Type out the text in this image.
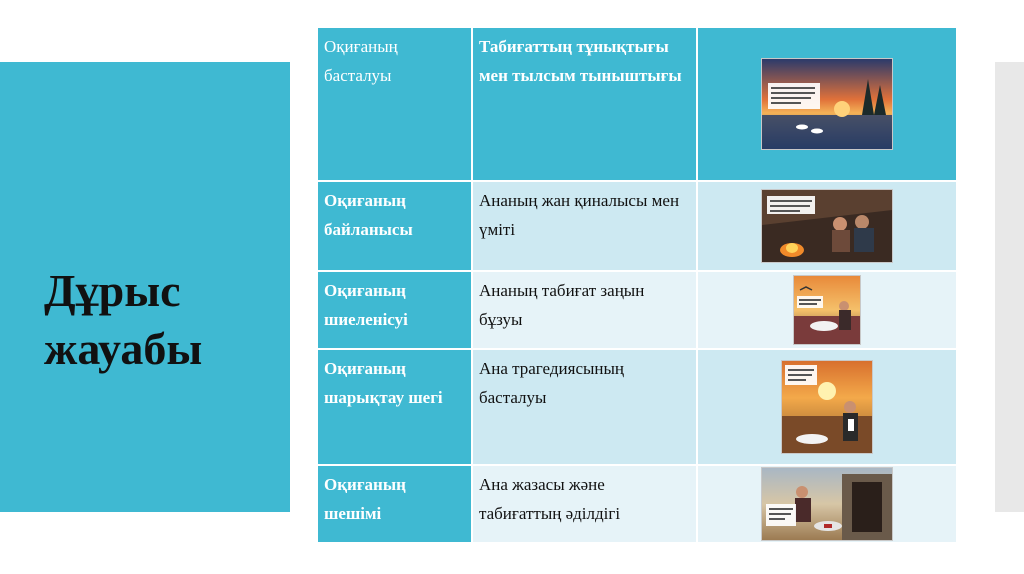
Дұрыс
жауабы
Оқиғаның басталуы	Табиғаттың тұнықтығы мен тылсым тыныштығы	
Оқиғаның байланысы	Ананың жан қиналысы мен үміті	
Оқиғаның шиеленісуі	Ананың табиғат заңын бұзуы	
Оқиғаның шарықтау шегі	Ана трагедиясының басталуы	
Оқиғаның шешімі	Ана жазасы және табиғаттың әділдігі	
